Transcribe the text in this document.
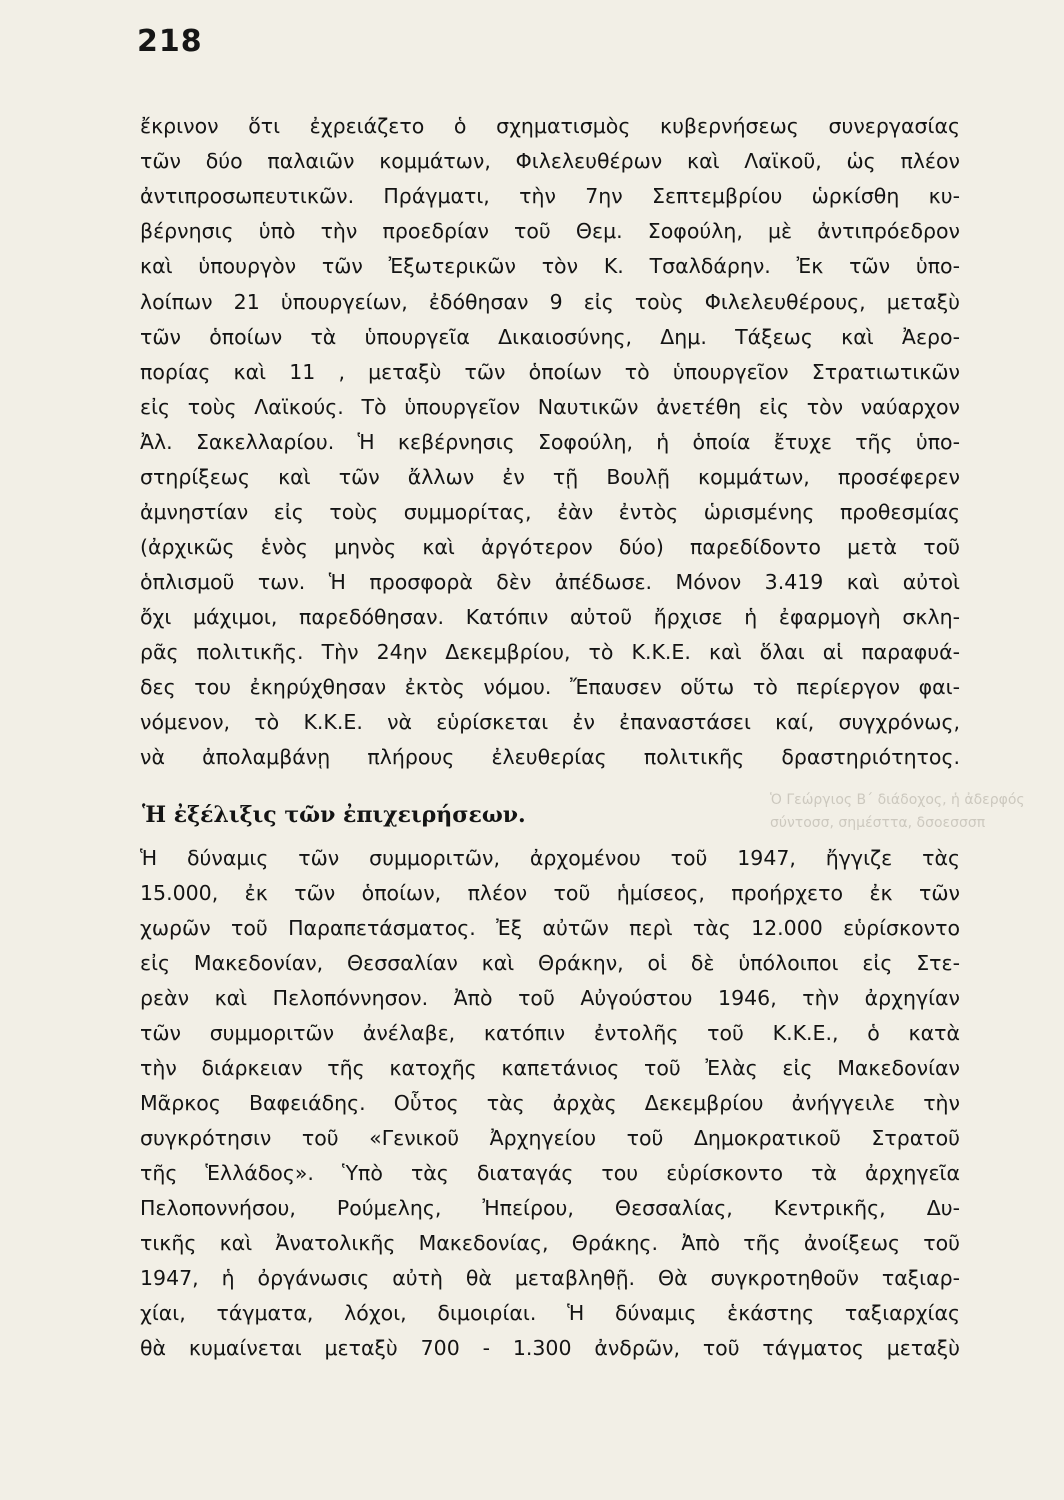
218
Ὁ Γεώργιος Β΄ διάδοχος, ἡ ἀδερφός
σύντοσσ, σημέσττα, δσοεσσσπ
ἔκρινον ὅτι ἐχρειάζετο ὁ σχηματισμὸς κυβερνήσεως συνεργασίας
τῶν δύο παλαιῶν κομμάτων, Φιλελευθέρων καὶ Λαϊκοῦ, ὡς πλέον
ἀντιπροσωπευτικῶν. Πράγματι, τὴν 7ην Σεπτεμβρίου ὡρκίσθη κυ-
βέρνησις ὑπὸ τὴν προεδρίαν τοῦ Θεμ. Σοφούλη, μὲ ἀντιπρόεδρον
καὶ ὑπουργὸν τῶν Ἐξωτερικῶν τὸν Κ. Τσαλδάρην. Ἐκ τῶν ὑπο-
λοίπων 21 ὑπουργείων, ἐδόθησαν 9 εἰς τοὺς Φιλελευθέρους, μεταξὺ
τῶν ὁποίων τὰ ὑπουργεῖα Δικαιοσύνης, Δημ. Τάξεως καὶ Ἀερο-
πορίας καὶ 11 , μεταξὺ τῶν ὁποίων τὸ ὑπουργεῖον Στρατιωτικῶν
εἰς τοὺς Λαϊκούς. Τὸ ὑπουργεῖον Ναυτικῶν ἀνετέθη εἰς τὸν ναύαρχον
Ἀλ. Σακελλαρίου. Ἡ κεβέρνησις Σοφούλη, ἡ ὁποία ἔτυχε τῆς ὑπο-
στηρίξεως καὶ τῶν ἄλλων ἐν τῇ Βουλῇ κομμάτων, προσέφερεν
ἀμνηστίαν εἰς τοὺς συμμορίτας, ἐὰν ἐντὸς ὡρισμένης προθεσμίας
(ἀρχικῶς ἑνὸς μηνὸς καὶ ἀργότερον δύο) παρεδίδοντο μετὰ τοῦ
ὁπλισμοῦ των. Ἡ προσφορὰ δὲν ἀπέδωσε. Μόνον 3.419 καὶ αὐτοὶ
ὄχι μάχιμοι, παρεδόθησαν. Κατόπιν αὐτοῦ ἤρχισε ἡ ἐφαρμογὴ σκλη-
ρᾶς πολιτικῆς. Τὴν 24ην Δεκεμβρίου, τὸ Κ.Κ.Ε. καὶ ὅλαι αἱ παραφυά-
δες του ἐκηρύχθησαν ἐκτὸς νόμου. Ἔπαυσεν οὕτω τὸ περίεργον φαι-
νόμενον, τὸ Κ.Κ.Ε. νὰ εὑρίσκεται ἐν ἐπαναστάσει καί, συγχρόνως,
νὰ ἀπολαμβάνῃ πλήρους ἐλευθερίας πολιτικῆς δραστηριότητος.
Ἡ ἐξέλιξις τῶν ἐπιχειρήσεων.
Ἡ δύναμις τῶν συμμοριτῶν, ἀρχομένου τοῦ 1947, ἤγγιζε τὰς
15.000, ἐκ τῶν ὁποίων, πλέον τοῦ ἡμίσεος, προήρχετο ἐκ τῶν
χωρῶν τοῦ Παραπετάσματος. Ἐξ αὐτῶν περὶ τὰς 12.000 εὑρίσκοντο
εἰς Μακεδονίαν, Θεσσαλίαν καὶ Θράκην, οἱ δὲ ὑπόλοιποι εἰς Στε-
ρεὰν καὶ Πελοπόννησον. Ἀπὸ τοῦ Αὐγούστου 1946, τὴν ἀρχηγίαν
τῶν συμμοριτῶν ἀνέλαβε, κατόπιν ἐντολῆς τοῦ Κ.Κ.Ε., ὁ κατὰ
τὴν διάρκειαν τῆς κατοχῆς καπετάνιος τοῦ Ἐλὰς εἰς Μακεδονίαν
Μᾶρκος Βαφειάδης. Οὗτος τὰς ἀρχὰς Δεκεμβρίου ἀνήγγειλε τὴν
συγκρότησιν τοῦ «Γενικοῦ Ἀρχηγείου τοῦ Δημοκρατικοῦ Στρατοῦ
τῆς Ἑλλάδος». Ὑπὸ τὰς διαταγάς του εὑρίσκοντο τὰ ἀρχηγεῖα
Πελοποννήσου, Ρούμελης, Ἠπείρου, Θεσσαλίας, Κεντρικῆς, Δυ-
τικῆς καὶ Ἀνατολικῆς Μακεδονίας, Θράκης. Ἀπὸ τῆς ἀνοίξεως τοῦ
1947, ἡ ὀργάνωσις αὐτὴ θὰ μεταβληθῇ. Θὰ συγκροτηθοῦν ταξιαρ-
χίαι, τάγματα, λόχοι, διμοιρίαι. Ἡ δύναμις ἑκάστης ταξιαρχίας
θὰ κυμαίνεται μεταξὺ 700 - 1.300 ἀνδρῶν, τοῦ τάγματος μεταξὺ
